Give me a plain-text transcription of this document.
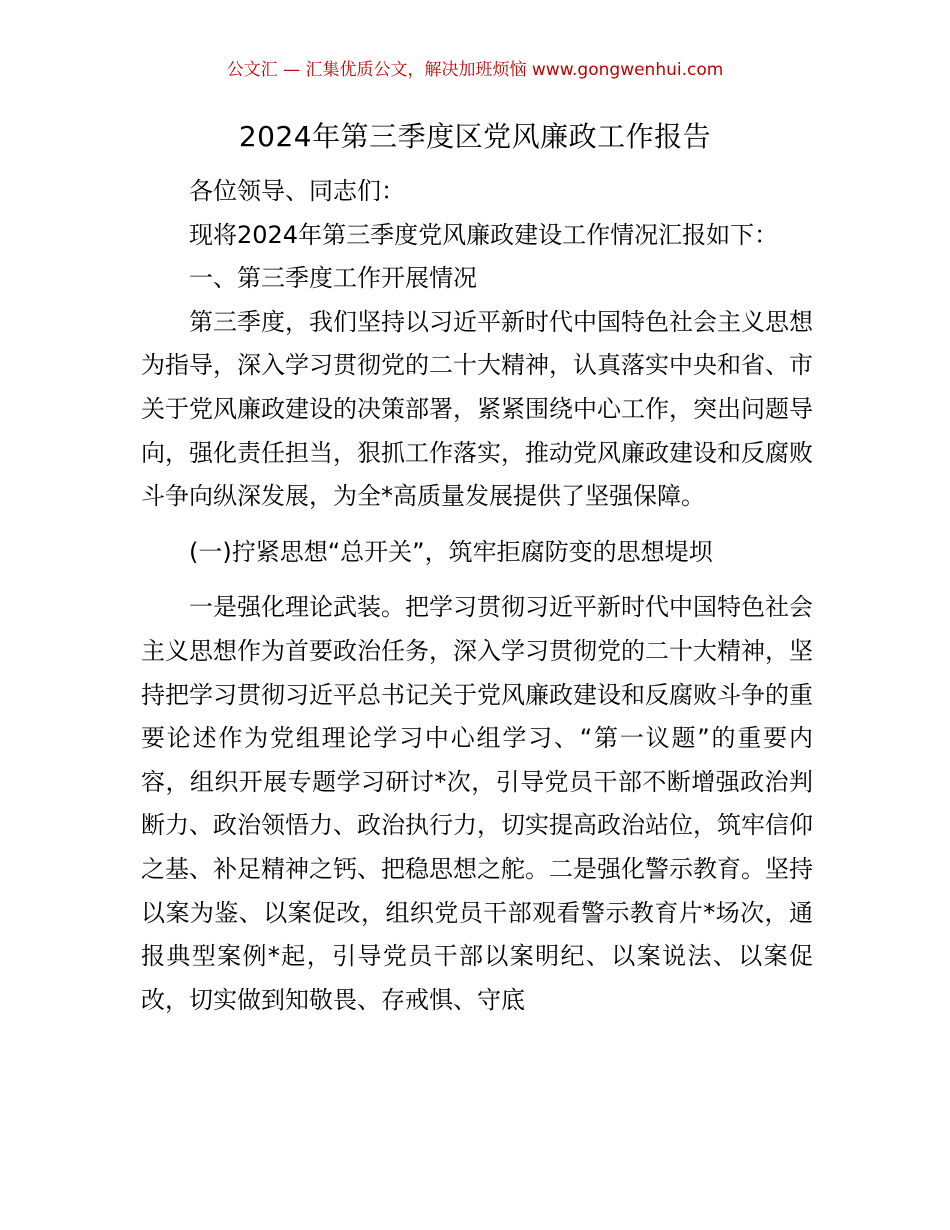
公文汇 — 汇集优质公文，解决加班烦恼 www.gongwenhui.com
2024年第三季度区党风廉政工作报告

各位领导、同志们：

现将2024年第三季度党风廉政建设工作情况汇报如下：

一、第三季度工作开展情况

第三季度，我们坚持以习近平新时代中国特色社会主义思想为指导，深入学习贯彻党的二十大精神，认真落实中央和省、市关于党风廉政建设的决策部署，紧紧围绕中心工作，突出问题导向，强化责任担当，狠抓工作落实，推动党风廉政建设和反腐败斗争向纵深发展，为全*高质量发展提供了坚强保障。

(一)拧紧思想“总开关”，筑牢拒腐防变的思想堤坝

一是强化理论武装。把学习贯彻习近平新时代中国特色社会主义思想作为首要政治任务，深入学习贯彻党的二十大精神，坚持把学习贯彻习近平总书记关于党风廉政建设和反腐败斗争的重要论述作为党组理论学习中心组学习、“第一议题”的重要内容，组织开展专题学习研讨*次，引导党员干部不断增强政治判断力、政治领悟力、政治执行力，切实提高政治站位，筑牢信仰之基、补足精神之钙、把稳思想之舵。二是强化警示教育。坚持以案为鉴、以案促改，组织党员干部观看警示教育片*场次，通报典型案例*起，引导党员干部以案明纪、以案说法、以案促改，切实做到知敬畏、存戒惧、守底
